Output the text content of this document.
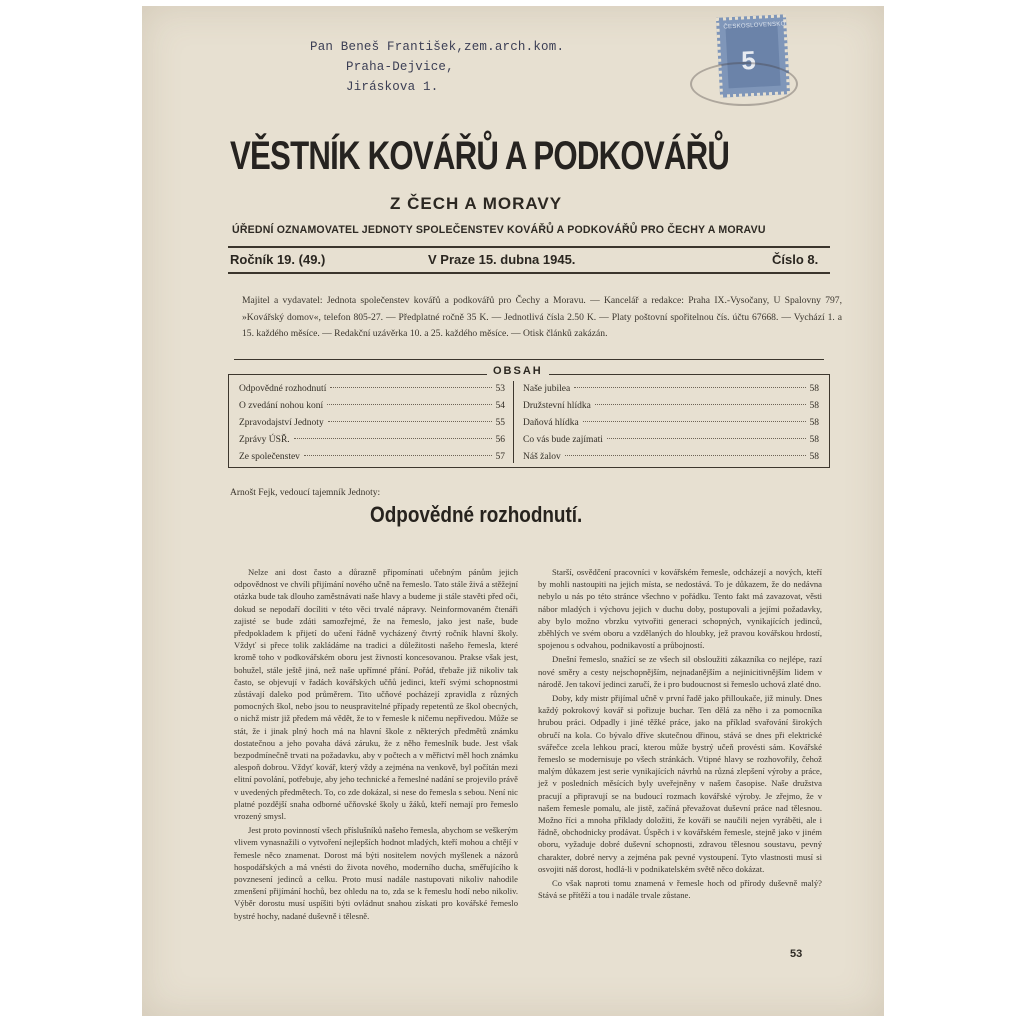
Pan Beneš František,zem.arch.kom.
Praha-Dejvice,
Jiráskova 1.
ČESKOSLOVENSKO
5
VĚSTNÍK KOVÁŘŮ A PODKOVÁŘŮ
Z ČECH A MORAVY
ÚŘEDNÍ OZNAMOVATEL JEDNOTY SPOLEČENSTEV KOVÁŘŮ A PODKOVÁŘŮ PRO ČECHY A MORAVU
Ročník 19. (49.)	V Praze 15. dubna 1945.	Číslo 8.
Majitel a vydavatel: Jednota společenstev kovářů a podkovářů pro Čechy a Moravu. — Kancelář a redakce: Praha IX.-Vysočany, U Spalovny 797, »Kovářský domov«, telefon 805-27. — Předplatné ročně 35 K. — Jednotlivá čísla 2.50 K. — Platy poštovní spořitelnou čís. účtu 67668. — Vychází 1. a 15. každého měsíce. — Redakční uzávěrka 10. a 25. každého měsíce. — Otisk článků zakázán.
OBSAH
Odpovědné rozhodnutí	53
O zvedání nohou koní	54
Zpravodajství Jednoty	55
Zprávy ÚSŘ.	56
Ze společenstev	57
Naše jubilea	58
Družstevní hlídka	58
Daňová hlídka	58
Co vás bude zajímati	58
Náš žalov	58
Arnošt Fejk, vedoucí tajemník Jednoty:
Odpovědné rozhodnutí.

Nelze ani dost často a důrazně připomínati učebným pánům jejich odpovědnost ve chvíli přijímání nového učně na řemeslo. Tato stále živá a stěžejní otázka bude tak dlouho zaměstnávati naše hlavy a budeme ji stále stavěti před oči, dokud se nepodaří docíliti v této věci trvalé nápravy. Neinformovaném čtenáři zajisté se bude zdáti samozřejmé, že na řemeslo, jako jest naše, bude předpokladem k přijetí do učení řádně vycházený čtvrtý ročník hlavní školy. Vždyť si přece tolik zakládáme na tradici a důležitosti našeho řemesla, které kromě toho v podkovářském oboru jest živností koncesovanou. Prakse však jest, bohužel, stále ještě jiná, než naše upřímné přání. Pořád, třebaže již nikoliv tak často, se objevují v řadách kovářských učňů jedinci, kteří svými schopnostmi zůstávají daleko pod průměrem. Tito učňové pocházejí zpravidla z různých pomocných škol, nebo jsou to neuspravitelné případy repetentů ze škol obecných, o nichž mistr již předem má vědět, že to v řemesle k ničemu nepřivedou. Může se stát, že i jinak plný hoch má na hlavní škole z některých předmětů známku dostatečnou a jeho povaha dává záruku, že z něho řemeslník bude. Jest však bezpodmínečně trvati na požadavku, aby v počtech a v měřictví měl hoch známku alespoň dobrou. Vždyť kovář, který vždy a zejména na venkově, byl počítán mezi elitní povolání, potřebuje, aby jeho technické a řemeslné nadání se projevilo právě v uvedených předmětech. To, co zde dokázal, si nese do řemesla s sebou. Není nic platné pozdější snaha odborné učňovské školy u žáků, kteří nemají pro řemeslo vrozený smysl.

Jest proto povinností všech příslušníků našeho řemesla, abychom se veškerým vlivem vynasnažili o vytvoření nejlepších hodnot mladých, kteří mohou a chtějí v řemesle něco znamenat. Dorost má býti nositelem nových myšlenek a názorů hospodářských a má vnésti do života nového, moderního ducha, směřujícího k povznesení jedinců a celku. Proto musí nadále nastupovati nikoliv nahodile zmenšení přijímání hochů, bez ohledu na to, zda se k řemeslu hodí nebo nikoliv. Výběr dorostu musí uspíšiti býti ovládnut snahou získati pro kovářské řemeslo bystré hochy, nadané duševně i tělesně.

Starší, osvědčení pracovníci v kovářském řemesle, odcházejí a nových, kteří by mohli nastoupiti na jejich místa, se nedostává. To je důkazem, že do nedávna nebylo u nás po této stránce všechno v pořádku. Tento fakt má zavazovat, věsti nábor mladých i výchovu jejich v duchu doby, postupovali a jejími požadavky, aby bylo možno vbrzku vytvořiti generaci schopných, vynikajících jedinců, zběhlých ve svém oboru a vzdělaných do hloubky, jež pravou kovářskou hrdostí, spojenou s odvahou, podnikavostí a průbojností.

Dnešní řemeslo, snažící se ze všech sil obsloužiti zákazníka co nejlépe, razí nové směry a cesty nejschopnějším, nejnadanějším a nejinicitivnějším lidem v národě. Jen takoví jedinci zaručí, že i pro budoucnost si řemeslo uchová zlaté dno.

Doby, kdy mistr přijímal učně v první řadě jako přilloukače, již minuly. Dnes každý pokrokový kovář si pořizuje buchar. Ten dělá za něho i za pomocníka hrubou práci. Odpadly i jiné těžké práce, jako na příklad svařování širokých obručí na kola. Co bývalo dříve skutečnou dřinou, stává se dnes při elektrické svářečce zcela lehkou prací, kterou může bystrý učeň provésti sám. Kovářské řemeslo se modernisuje po všech stránkách. Vtipné hlavy se rozhovořily, čehož malým důkazem jest serie vynikajících návrhů na různá zlepšení výroby a práce, jež v posledních měsících byly uveřejněny v našem časopise. Naše družstva pracují a připravují se na budoucí rozmach kovářské výroby. Je zřejmo, že v našem řemesle pomalu, ale jistě, začíná převažovat duševní práce nad tělesnou. Možno říci a mnoha příklady doložiti, že kováři se naučili nejen vyráběti, ale i řádně, obchodnicky prodávat. Úspěch i v kovářském řemesle, stejně jako v jiném oboru, vyžaduje dobré duševní schopnosti, zdravou tělesnou soustavu, pevný charakter, dobré nervy a zejména pak pevné vystoupení. Tyto vlastnosti musí si osvojiti náš dorost, hodlá-li v podnikatelském světě něco dokázat.

Co však naproti tomu znamená v řemesle hoch od přírody duševně malý? Stává se přítěží a tou i nadále trvale zůstane.

53
